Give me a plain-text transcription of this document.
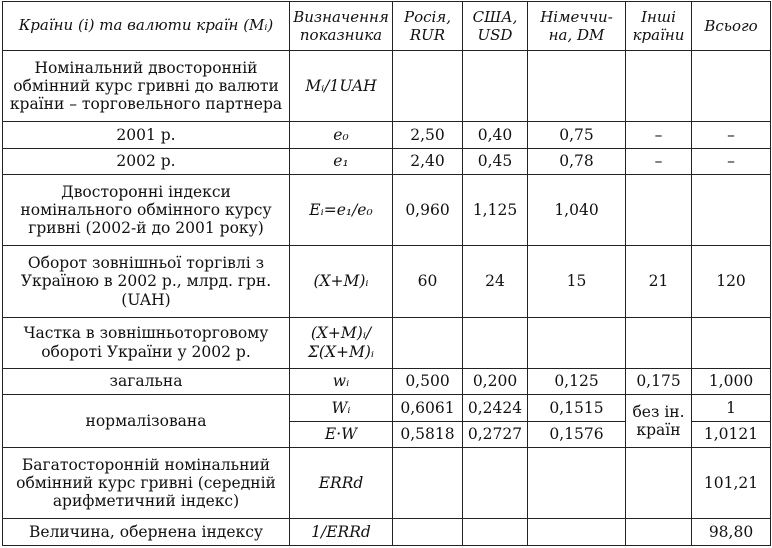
Країни (і) та валюти країн (Mᵢ)	Визначення показника	Росія, RUR	США, USD	Німеччи-на, DM	Інші країни	Всього
Номінальний двосторонній обмінний курс гривні до валюти країни – торговельного партнера	Mᵢ/1UAH					
2001 р.	e₀	2,50	0,40	0,75	–	–
2002 р.	e₁	2,40	0,45	0,78	–	–
Двосторонні індекси номінального обмінного курсу гривні (2002-й до 2001 року)	Eᵢ=e₁/e₀	0,960	1,125	1,040		
Оборот зовнішньої торгівлі з Україною в 2002 р., млрд. грн. (UAH)	(X+M)ᵢ	60	24	15	21	120
Частка в зовнішньоторговому обороті України у 2002 р.	(X+M)ᵢ/ Σ(X+M)ᵢ					
загальна	wᵢ	0,500	0,200	0,125	0,175	1,000
нормалізована	Wᵢ	0,6061	0,2424	0,1515	без ін. країн	1
	E·W	0,5818	0,2727	0,1576		1,0121
Багатосторонній номінальний обмінний курс гривні (середній арифметичний індекс)	ERRd					101,21
Величина, обернена індексу	1/ERRd					98,80
